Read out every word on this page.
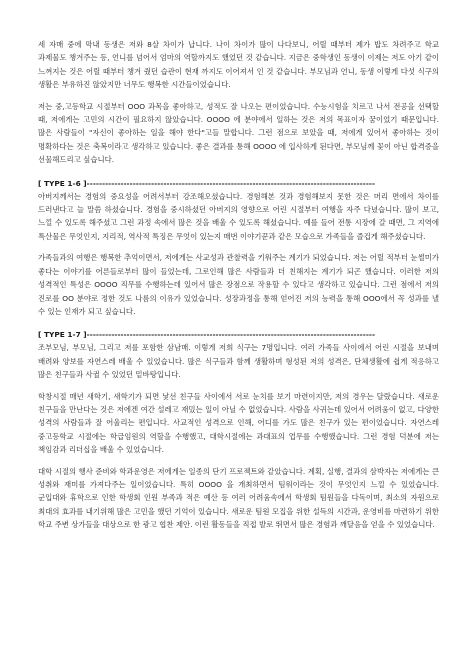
세 자매 중에 막내 동생은 저와 8살 차이가 납니다. 나이 차이가 많이 나다보니, 어릴 때부터 제가 밥도 차려주고 학교 과제물도 챙겨주는 등, 언니를 넘어서 엄마의 역할까지도 했었던 것 같습니다. 지금은 중학생인 동생이 이제는 저도 아기 같이 느껴지는 것은 어릴 때부터 챙겨 줬던 습관이 현재 까지도 이어져서 인 것 같습니다. 부모님과 언니, 동생 이렇게 다섯 식구의 생활은 부유하진 않았지만 너무도 행복한 시간들이었습니다.

저는 중,고등학교 시절부터 OOO 과목을 좋아하고, 성적도 잘 나오는 편이었습니다. 수능시험을 치르고 나서 전공을 선택할 때, 저에게는 고민의 시간이 필요하지 않았습니다. OOOO 에 분야에서 일하는 것은 저의 목표이자 꿈이었기 때문입니다. 많은 사람들이 "자신이 좋아하는 일을 해야 한다"고들 말합니다. 그런 점으로 보았을 때, 저에게 있어서 좋아하는 것이 명확하다는 것은 축복이라고 생각하고 있습니다. 좋은 결과를 통해 OOOO 에 입사하게 된다면, 부모님께 꽃이 아닌 합격증을 선물해드리고 싶습니다.

[ TYPE 1-6 ]----------------------------------------------------------------------------------------------

아버지께서는 경험의 중요성을 어려서부터 강조해오셨습니다. 경험해본 것과 경험해보지 못한 것은 머리 면에서 차이를 드러낸다고 늘 말씀 하셨습니다. 경험을 중시하셨던 아버지의 영향으로 어린 시절부터 여행을 자주 다녔습니다. 많이 보고, 느낄 수 있도록 해주셨고 그런 과정 속에서 많은 것을 배울 수 있도록 해셨습니다. 예를 들어 전통 시장에 갈 때면, 그 지역에 특산물은 무엇인지, 지리적, 역사적 특징은 무엇이 있는지 매번 이야기꾼과 같은 모습으로 가족들을 즐겁게 해주셨습니다.

가족들과의 여행은 행복한 추억이면서, 저에게는 사교성과 관찰력을 키워주는 계기가 되었습니다. 저는 어릴 적부터 눈썰미가 좋다는 이야기를 어른들로부터 많이 들었는데, 그로인해 많은 사람들과 더 친해지는 계기가 되곤 했습니다. 이러한 저의 성격적인 특성은 OOOO 직무를 수행하는데 있어서 많은 장점으로 작용할 수 있다고 생각하고 있습니다. 그런 점에서 저의 진로를 OO 분야로 정한 것도 나름의 이유가 있었습니다. 성장과정을 통해 얻어진 저의 능력을 통해 OOO에서 꼭 성과를 낼 수 있는 인재가 되고 싶습니다.

[ TYPE 1-7 ]----------------------------------------------------------------------------------------------

조부모님, 부모님, 그리고 저를 포함한 삼남매. 이렇게 저희 식구는 7명입니다. 여러 가족들 사이에서 어린 시절을 보내며 배려와 양보를 자연스레 배울 수 있었습니다. 많은 식구들과 함께 생활하며 형성된 저의 성격은, 단체생활에 쉽게 적응하고 많은 친구들과 사귈 수 있었던 밑바탕입니다.

학창시절 매년 새학기, 새학기가 되면 낯선 친구들 사이에서 서로 눈치를 보기 마련이지만, 저의 경우는 달랐습니다. 새로운 친구들을 만난다는 것은 저에겐 여간 설레고 재밌는 일이 아닐 수 없었습니다. 사람을 사귀는데 있어서 어려움이 없고, 다양한 성격의 사람들과 잘 어울리는 편입니다. 사교적인 성격으로 인해, 어디를 가도 많은 친구가 있는 편이었습니다. 자연스레 중고등학교 시절에는 학급임원의 역할을 수행했고, 대학시절에는 과대표의 업무를 수행했습니다. 그런 경험 덕분에 저는 책임감과 리더십을 배울 수 있었습니다.

대학 시절의 행사 준비와 학과운영은 저에게는 일종의 단기 프로젝트와 같았습니다. 계획, 실행, 결과의 삼박자는 저에게는 큰 성취와 재미를 가져다주는 일이었습니다. 특히 OOOO 을 개최하면서 팀워이라는 것이 무엇인지 느낄 수 있었습니다. 군입대와 휴학으로 인한 학생회 인원 부족과 적은 예산 등 여러 어려움속에서 학생회 팀원들을 다독이며, 최소의 자원으로 최대의 효과를 내기위해 많은 고민을 했던 기억이 있습니다. 새로운 팀원 모집을 위한 설득의 시간과, 운영비를 마련하기 위한 학교 주변 상가들을 대상으로 한 광고 협찬 제안. 이런 활동들을 직접 발로 뛰면서 많은 경험과 깨달음을 얻을 수 있었습니다.
